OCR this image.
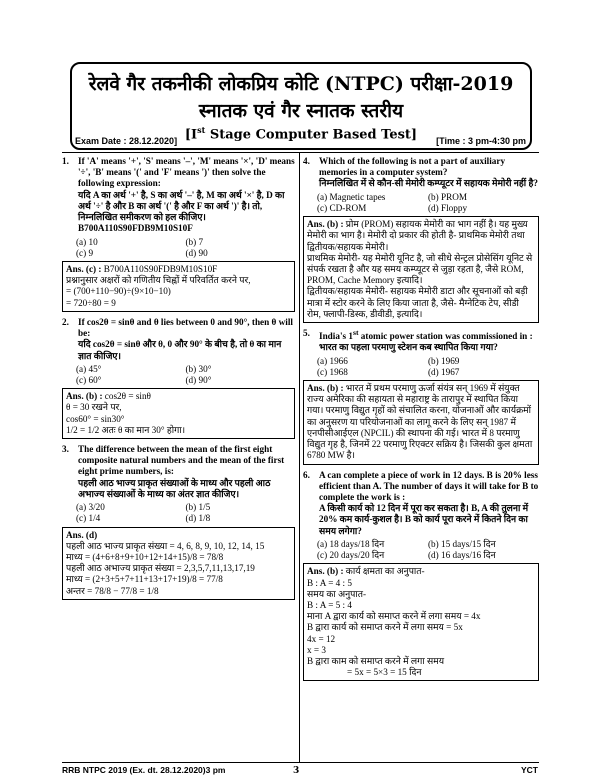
रेलवे गैर तकनीकी लोकप्रिय कोटि (NTPC) परीक्षा-2019
स्नातक एवं गैर स्नातक स्तरीय
[Ist Stage Computer Based Test]
Exam Date : 28.12.2020]	[Time : 3 pm-4:30 pm
1. If 'A' means '+', 'S' means '–', 'M' means '×', 'D' means '÷', 'B' means '(' and 'F' means ')' then solve the following expression:
यदि A का अर्थ '+' है, S का अर्थ '–' है, M का अर्थ '×' है, D का अर्थ '÷' है और B का अर्थ '(' है और F का अर्थ ')' है। तो, निम्नलिखित समीकरण को हल कीजिए।
B700A110S90FDB9M10S10F
(a) 10	(b) 7
(c) 9	(d) 90
Ans. (c) : B700A110S90FDB9M10S10F
प्रश्नानुसार अक्षरों को गणितीय चिह्नों में परिवर्तित करने पर,
= (700+110−90)÷(9×10−10)
= 720÷80 = 9
2. If cos2θ = sinθ and θ lies between 0 and 90°, then θ will be:
यदि cos2θ = sinθ और θ, 0 और 90° के बीच है, तो θ का मान ज्ञात कीजिए।
(a) 45°	(b) 30°
(c) 60°	(d) 90°
Ans. (b) : cos2θ = sinθ
θ = 30 रखने पर,
cos60° = sin30°
1/2 = 1/2 अतः θ का मान 30° होगा।
3. The difference between the mean of the first eight composite natural numbers and the mean of the first eight prime numbers, is:
पहली आठ भाज्य प्राकृत संख्याओं के माध्य और पहली आठ अभाज्य संख्याओं के माध्य का अंतर ज्ञात कीजिए।
(a) 3/20	(b) 1/5
(c) 1/4	(d) 1/8
Ans. (d)
पहली आठ भाज्य प्राकृत संख्या = 4, 6, 8, 9, 10, 12, 14, 15
माध्य = (4+6+8+9+10+12+14+15)/8 = 78/8
पहली आठ अभाज्य प्राकृत संख्या = 2,3,5,7,11,13,17,19
माध्य = (2+3+5+7+11+13+17+19)/8 = 77/8
अन्तर = 78/8 − 77/8 = 1/8
4. Which of the following is not a part of auxiliary memories in a computer system?
निम्नलिखित में से कौन-सी मेमोरी कम्प्यूटर में सहायक मेमोरी नहीं है?
(a) Magnetic tapes	(b) PROM
(c) CD-ROM	(d) Floppy
Ans. (b) : प्रोम (PROM) सहायक मेमोरी का भाग नहीं है। यह मुख्य मेमोरी का भाग है। मेमोरी दो प्रकार की होती है- प्राथमिक मेमोरी तथा द्वितीयक/सहायक मेमोरी।
प्राथमिक मेमोरी- यह मेमोरी यूनिट है, जो सीधे सेन्ट्रल प्रोसेसिंग यूनिट से संपर्क रखता है और यह समय कम्प्यूटर से जुड़ा रहता है, जैसे ROM, PROM, Cache Memory इत्यादि।
द्वितीयक/सहायक मेमोरी- सहायक मेमोरी डाटा और सूचनाओं को बड़ी मात्रा में स्टोर करने के लिए किया जाता है, जैसे- मैग्नेटिक टेप, सीडी रोम, फ्लापी-डिस्क, डीवीडी, इत्यादि।
5. India's 1st atomic power station was commissioned in :
भारत का पहला परमाणु स्टेशन कब स्थापित किया गया?
(a) 1966	(b) 1969
(c) 1968	(d) 1967
Ans. (b) : भारत में प्रथम परमाणु ऊर्जा संयंत्र सन् 1969 में संयुक्त राज्य अमेरिका की सहायता से महाराष्ट्र के तारापुर में स्थापित किया गया। परमाणु विद्युत गृहों को संचालित करना, योजनाओं और कार्यक्रमों का अनुसरण या परियोजनाओं का लागू करने के लिए सन् 1987 में एनपीसीआईएल (NPCIL) की स्थापना की गई। भारत में 8 परमाणु विद्युत गृह है, जिनमें 22 परमाणु रिएक्टर सक्रिय है। जिसकी कुल क्षमता 6780 MW है।
6. A can complete a piece of work in 12 days. B is 20% less efficient than A. The number of days it will take for B to complete the work is :
A किसी कार्य को 12 दिन में पूरा कर सकता है। B, A की तुलना में 20% कम कार्य-कुशल है। B को कार्य पूरा करने में कितने दिन का समय लगेगा?
(a) 18 days/18 दिन	(b) 15 days/15 दिन
(c) 20 days/20 दिन	(d) 16 days/16 दिन
Ans. (b) : कार्य क्षमता का अनुपात-
B : A = 4 : 5
समय का अनुपात-
B : A = 5 : 4
माना A द्वारा कार्य को समाप्त करने में लगा समय = 4x
B द्वारा कार्य को समाप्त करने में लगा समय = 5x
4x = 12
x = 3
B द्वारा काम को समाप्त करने में लगा समय
= 5x = 5×3 = 15 दिन
RRB NTPC 2019 (Ex. dt. 28.12.2020)3 pm	3	YCT
